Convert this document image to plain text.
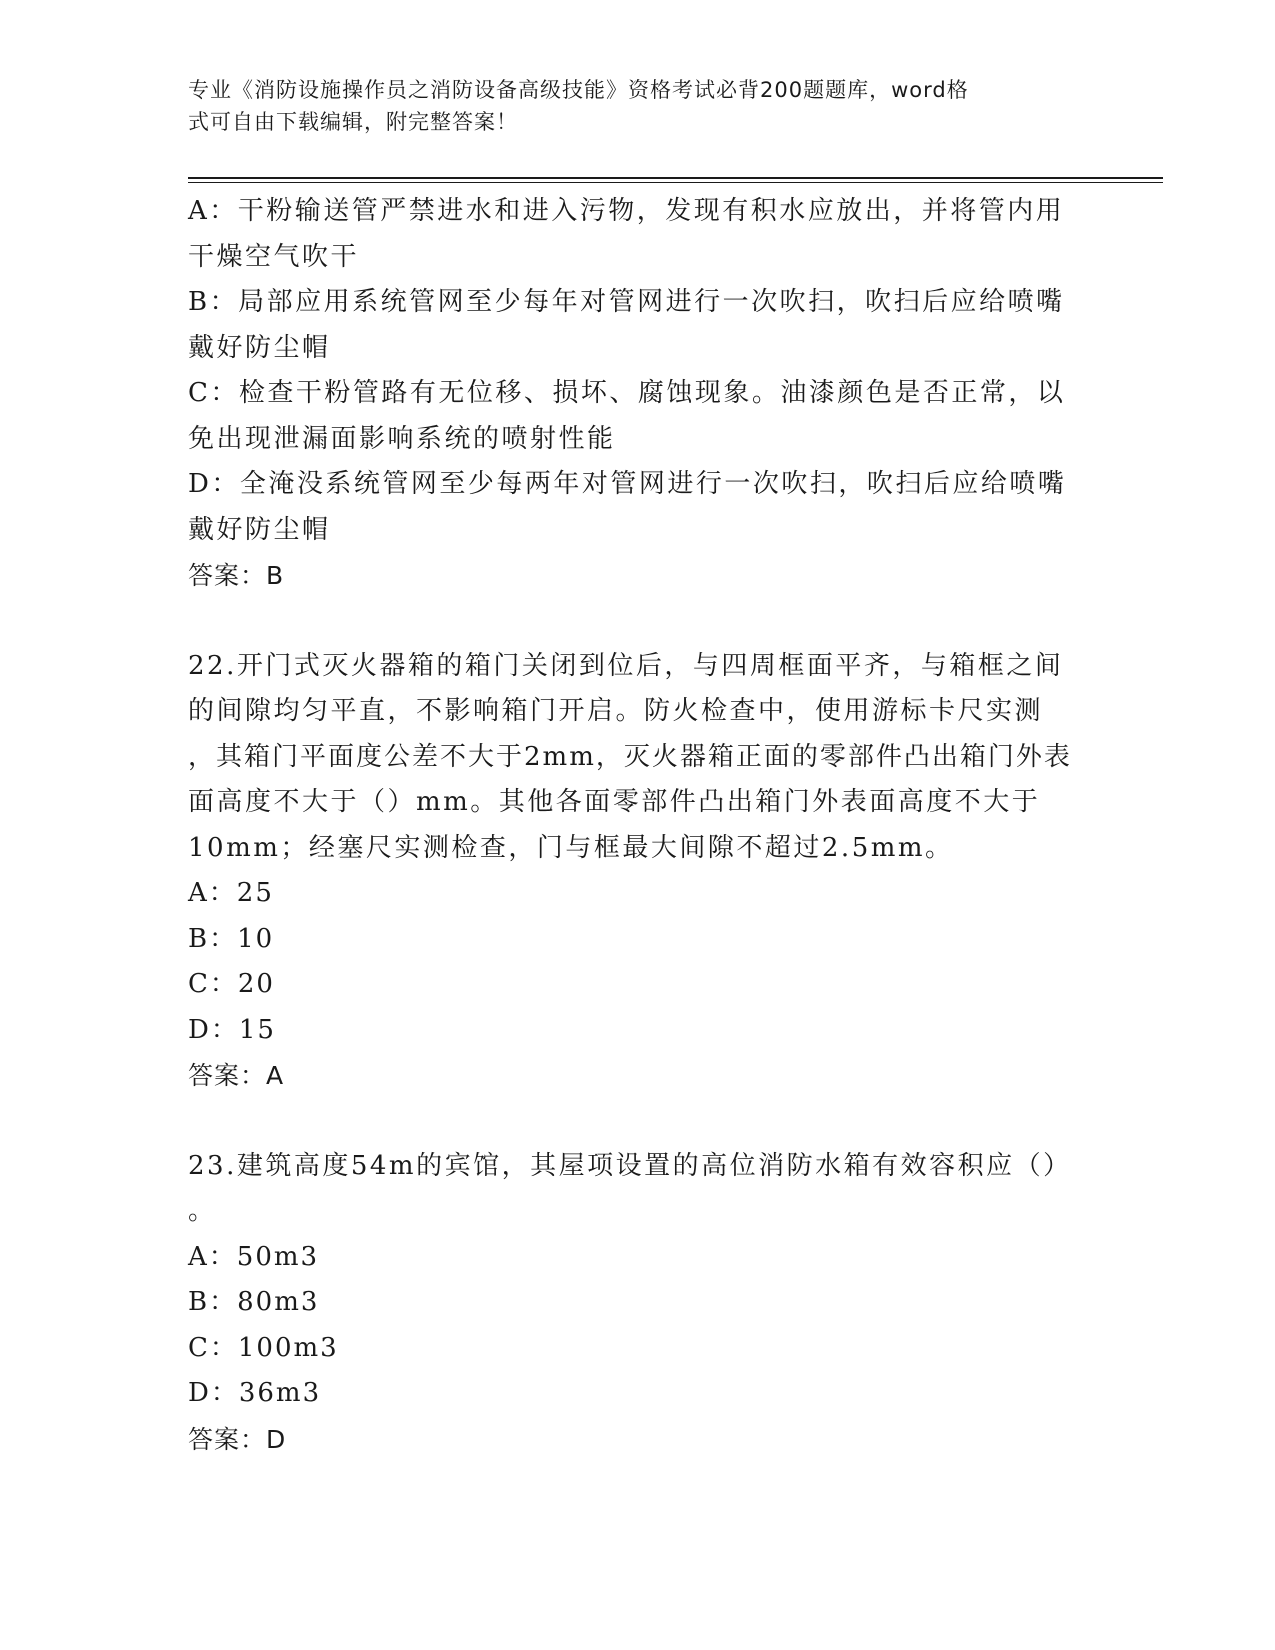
专业《消防设施操作员之消防设备高级技能》资格考试必背200题题库，word格
式可自由下载编辑，附完整答案！
A：干粉输送管严禁进水和进入污物，发现有积水应放出，并将管内用
干燥空气吹干
B：局部应用系统管网至少每年对管网进行一次吹扫，吹扫后应给喷嘴
戴好防尘帽
C：检查干粉管路有无位移、损坏、腐蚀现象。油漆颜色是否正常，以
免出现泄漏面影响系统的喷射性能
D：全淹没系统管网至少每两年对管网进行一次吹扫，吹扫后应给喷嘴
戴好防尘帽
答案：B
22.开门式灭火器箱的箱门关闭到位后，与四周框面平齐，与箱框之间
的间隙均匀平直，不影响箱门开启。防火检查中，使用游标卡尺实测
，其箱门平面度公差不大于2mm，灭火器箱正面的零部件凸出箱门外表
面高度不大于（）mm。其他各面零部件凸出箱门外表面高度不大于
10mm；经塞尺实测检查，门与框最大间隙不超过2.5mm。
A：25
B：10
C：20
D：15
答案：A
23.建筑高度54m的宾馆，其屋项设置的高位消防水箱有效容积应（）
。
A：50m3
B：80m3
C：100m3
D：36m3
答案：D
